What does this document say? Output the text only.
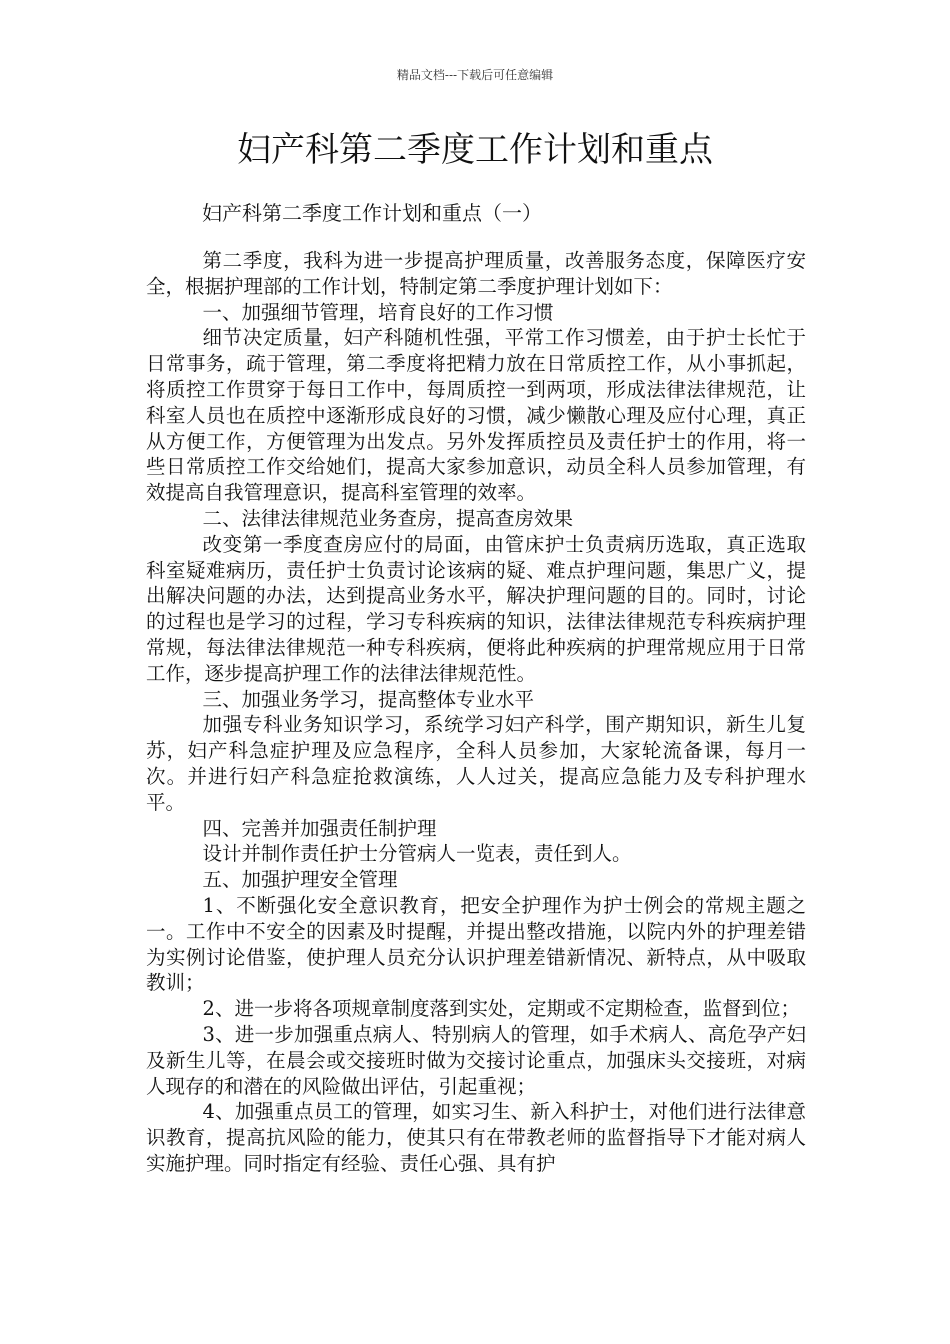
精品文档---下载后可任意编辑
妇产科第二季度工作计划和重点

妇产科第二季度工作计划和重点（一）

第二季度，我科为进一步提高护理质量，改善服务态度，保障医疗安全，根据护理部的工作计划，特制定第二季度护理计划如下：

一、加强细节管理，培育良好的工作习惯

细节决定质量，妇产科随机性强，平常工作习惯差，由于护士长忙于日常事务，疏于管理，第二季度将把精力放在日常质控工作，从小事抓起，将质控工作贯穿于每日工作中，每周质控一到两项，形成法律法律规范，让科室人员也在质控中逐渐形成良好的习惯，减少懒散心理及应付心理，真正从方便工作，方便管理为出发点。另外发挥质控员及责任护士的作用，将一些日常质控工作交给她们，提高大家参加意识，动员全科人员参加管理，有效提高自我管理意识，提高科室管理的效率。

二、法律法律规范业务查房，提高查房效果

改变第一季度查房应付的局面，由管床护士负责病历选取，真正选取科室疑难病历，责任护士负责讨论该病的疑、难点护理问题，集思广义，提出解决问题的办法，达到提高业务水平，解决护理问题的目的。同时，讨论的过程也是学习的过程，学习专科疾病的知识，法律法律规范专科疾病护理常规，每法律法律规范一种专科疾病，便将此种疾病的护理常规应用于日常工作，逐步提高护理工作的法律法律规范性。

三、加强业务学习，提高整体专业水平

加强专科业务知识学习，系统学习妇产科学，围产期知识，新生儿复苏，妇产科急症护理及应急程序，全科人员参加，大家轮流备课，每月一次。并进行妇产科急症抢救演练，人人过关，提高应急能力及专科护理水平。

四、完善并加强责任制护理

设计并制作责任护士分管病人一览表，责任到人。

五、加强护理安全管理

1、不断强化安全意识教育，把安全护理作为护士例会的常规主题之一。工作中不安全的因素及时提醒，并提出整改措施，以院内外的护理差错为实例讨论借鉴，使护理人员充分认识护理差错新情况、新特点，从中吸取教训；

2、进一步将各项规章制度落到实处，定期或不定期检查，监督到位；

3、进一步加强重点病人、特别病人的管理，如手术病人、高危孕产妇及新生儿等，在晨会或交接班时做为交接讨论重点，加强床头交接班，对病人现存的和潜在的风险做出评估，引起重视；

4、加强重点员工的管理，如实习生、新入科护士，对他们进行法律意识教育，提高抗风险的能力，使其只有在带教老师的监督指导下才能对病人实施护理。同时指定有经验、责任心强、具有护
